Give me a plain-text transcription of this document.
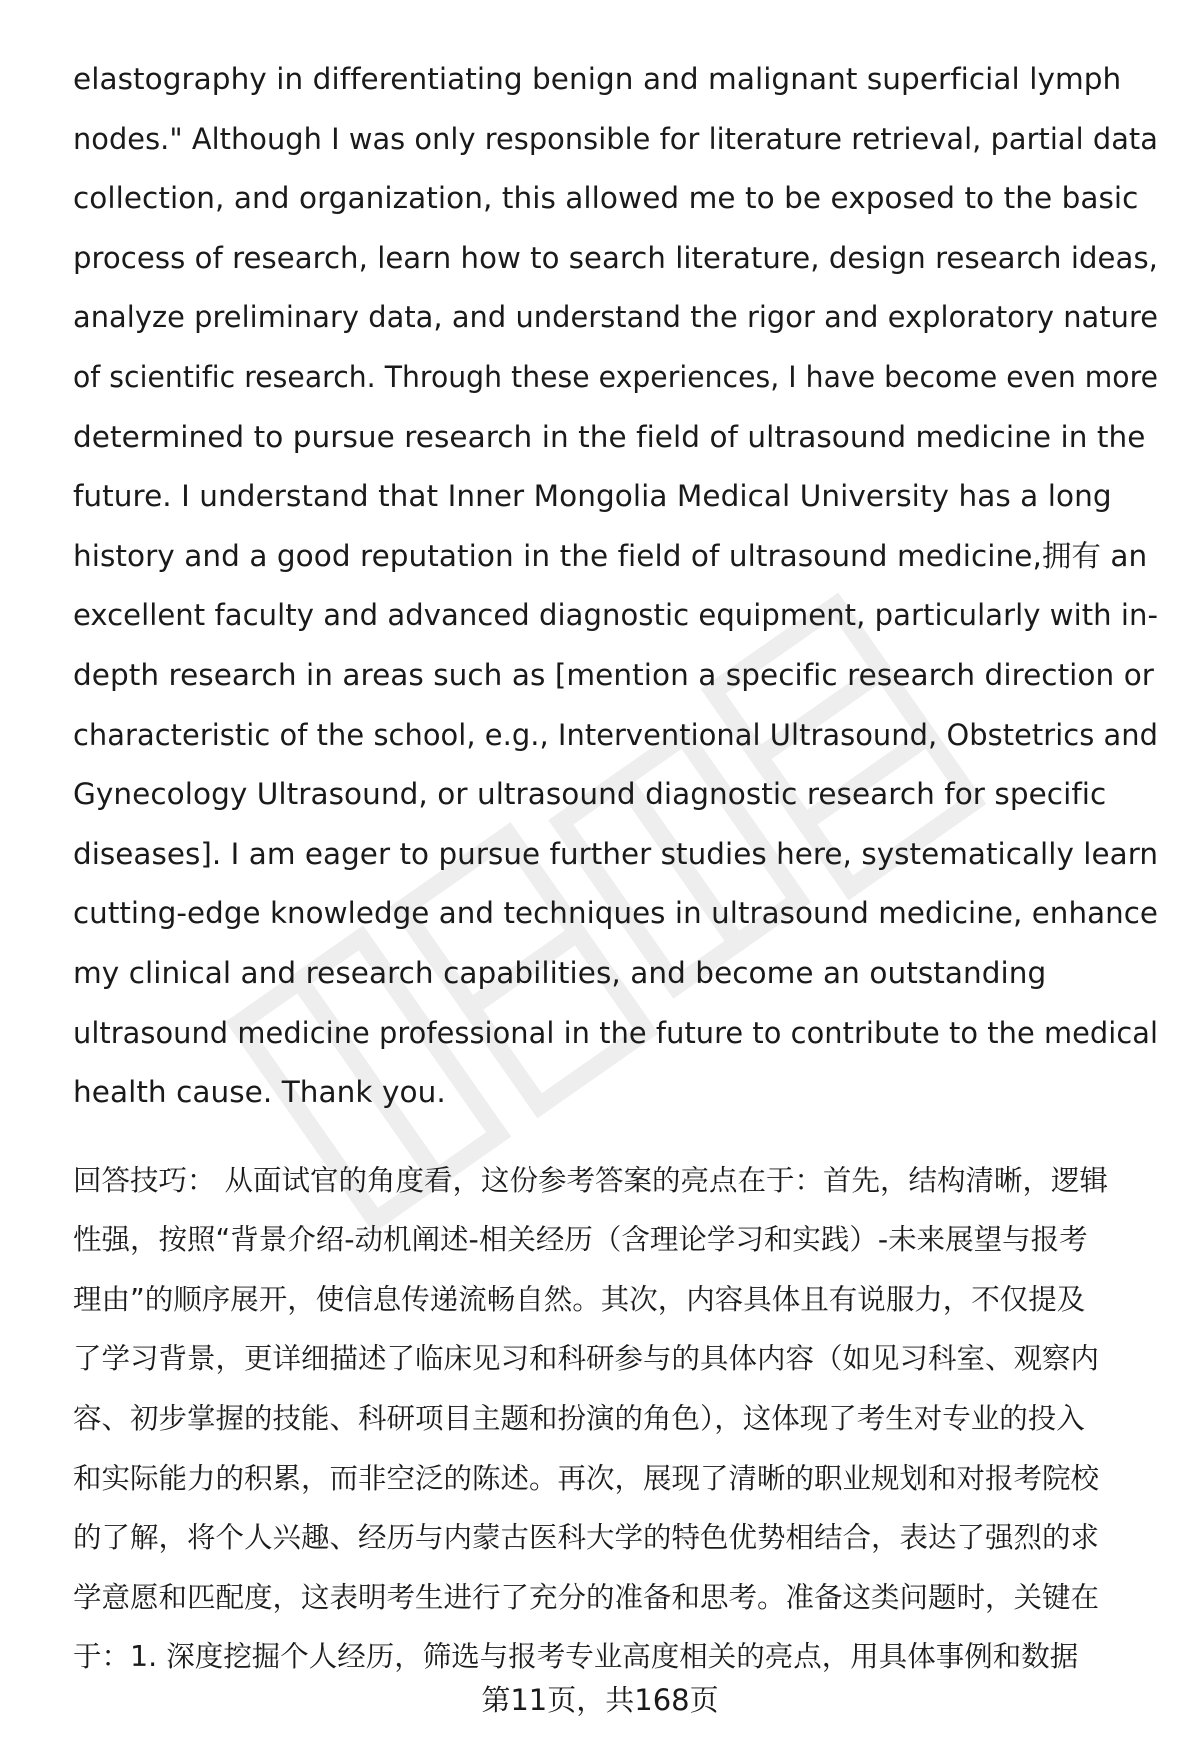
elastography in differentiating benign and malignant superficial lymph
nodes." Although I was only responsible for literature retrieval, partial data
collection, and organization, this allowed me to be exposed to the basic
process of research, learn how to search literature, design research ideas,
analyze preliminary data, and understand the rigor and exploratory nature
of scientific research. Through these experiences, I have become even more
determined to pursue research in the field of ultrasound medicine in the
future. I understand that Inner Mongolia Medical University has a long
history and a good reputation in the field of ultrasound medicine,拥有 an
excellent faculty and advanced diagnostic equipment, particularly with in-
depth research in areas such as [mention a specific research direction or
characteristic of the school, e.g., Interventional Ultrasound, Obstetrics and
Gynecology Ultrasound, or ultrasound diagnostic research for specific
diseases]. I am eager to pursue further studies here, systematically learn
cutting-edge knowledge and techniques in ultrasound medicine, enhance
my clinical and research capabilities, and become an outstanding
ultrasound medicine professional in the future to contribute to the medical
health cause. Thank you.

回答技巧： 从面试官的角度看，这份参考答案的亮点在于：首先，结构清晰，逻辑
性强，按照“背景介绍-动机阐述-相关经历（含理论学习和实践）-未来展望与报考
理由”的顺序展开，使信息传递流畅自然。其次，内容具体且有说服力，不仅提及
了学习背景，更详细描述了临床见习和科研参与的具体内容（如见习科室、观察内
容、初步掌握的技能、科研项目主题和扮演的角色），这体现了考生对专业的投入
和实际能力的积累，而非空泛的陈述。再次，展现了清晰的职业规划和对报考院校
的了解，将个人兴趣、经历与内蒙古医科大学的特色优势相结合，表达了强烈的求
学意愿和匹配度，这表明考生进行了充分的准备和思考。准备这类问题时，关键在
于：1. 深度挖掘个人经历，筛选与报考专业高度相关的亮点，用具体事例和数据

第11页，共168页
